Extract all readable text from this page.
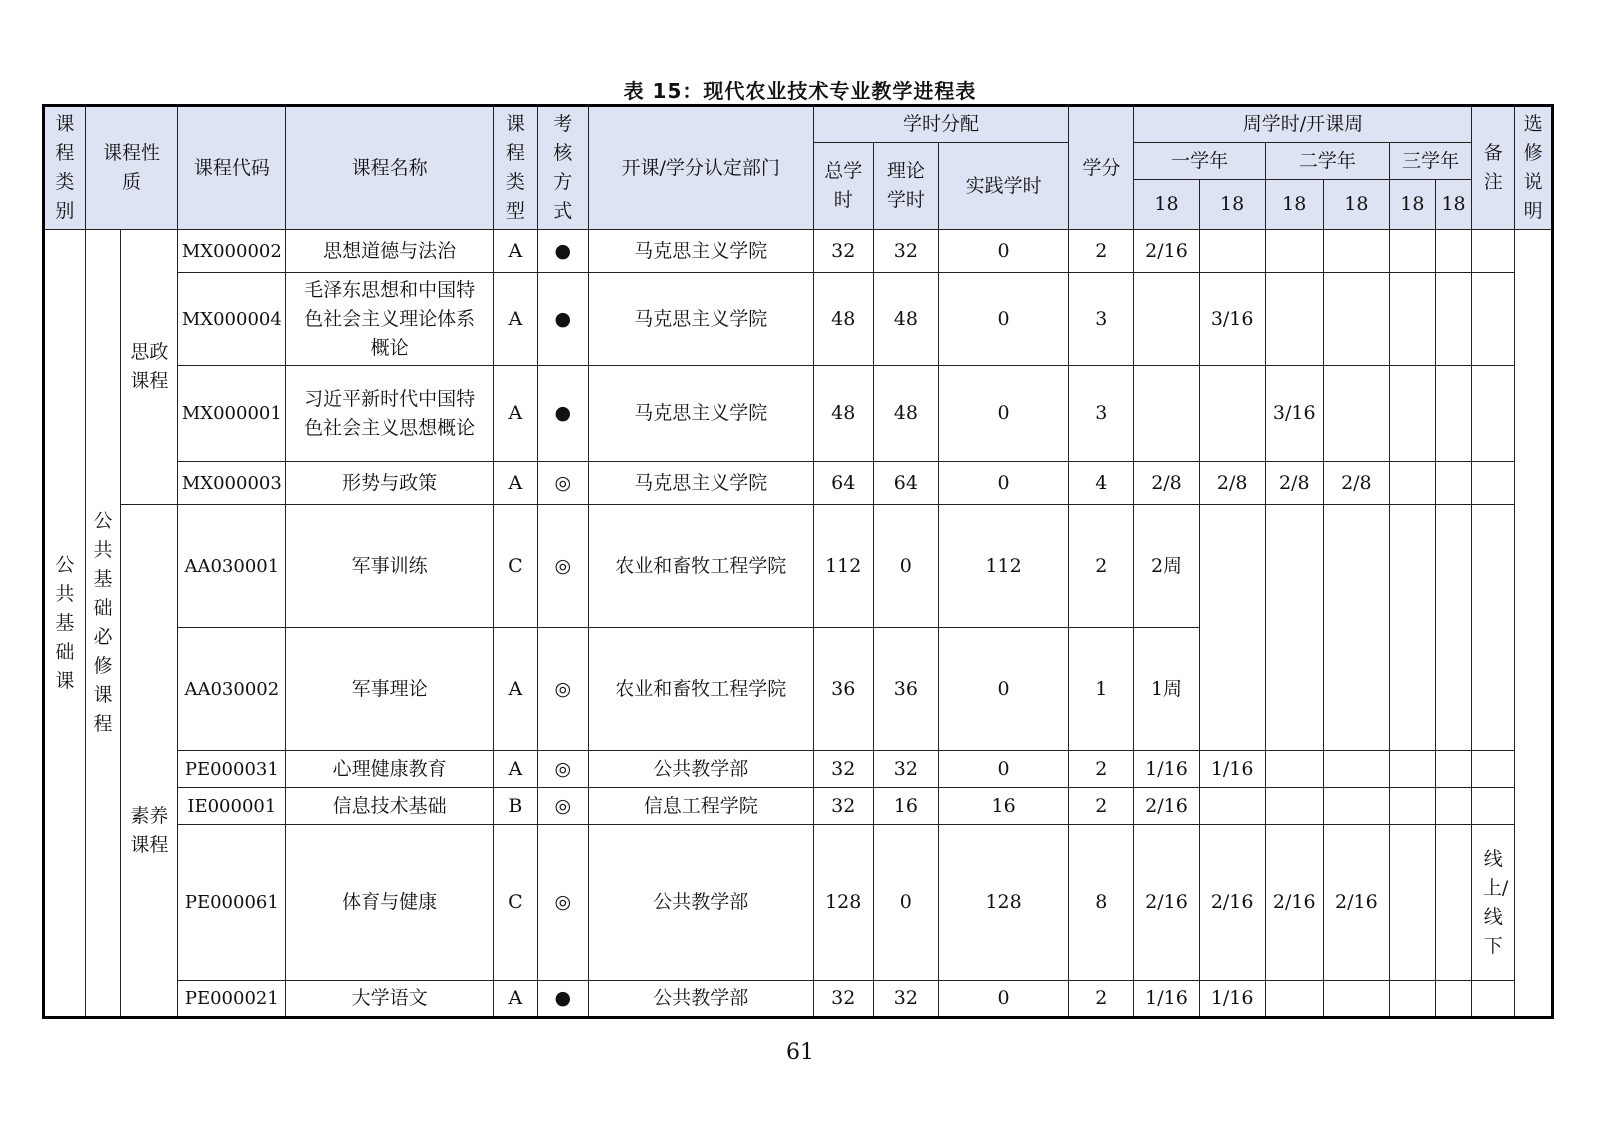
表 15：现代农业技术专业教学进程表
课程类别	课程性质		课程代码	课程名称	课程类型	考核方式	开课/学分认定部门	学时分配			学分	周学时/开课周						备注	选修说明
								总学时	理论学时	实践学时		一学年		二学年		三学年			
												18	18	18	18	18	18		
公共基础课	公共基础必修课程	思政课程	MX000002	思想道德与法治	A	●	马克思主义学院	32	32	0	2	2/16							
			MX000004	毛泽东思想和中国特色社会主义理论体系概论	A	●	马克思主义学院	48	48	0	3		3/16						
			MX000001	习近平新时代中国特色社会主义思想概论	A	●	马克思主义学院	48	48	0	3			3/16					
			MX000003	形势与政策	A	◎	马克思主义学院	64	64	0	4	2/8	2/8	2/8	2/8				
		素养课程	AA030001	军事训练	C	◎	农业和畜牧工程学院	112	0	112	2	2周							
			AA030002	军事理论	A	◎	农业和畜牧工程学院	36	36	0	1	1周							
			PE000031	心理健康教育	A	◎	公共教学部	32	32	0	2	1/16	1/16						
			IE000001	信息技术基础	B	◎	信息工程学院	32	16	16	2	2/16							
			PE000061	体育与健康	C	◎	公共教学部	128	0	128	8	2/16	2/16	2/16	2/16			线上/线下	
			PE000021	大学语文	A	●	公共教学部	32	32	0	2	1/16	1/16						
61
